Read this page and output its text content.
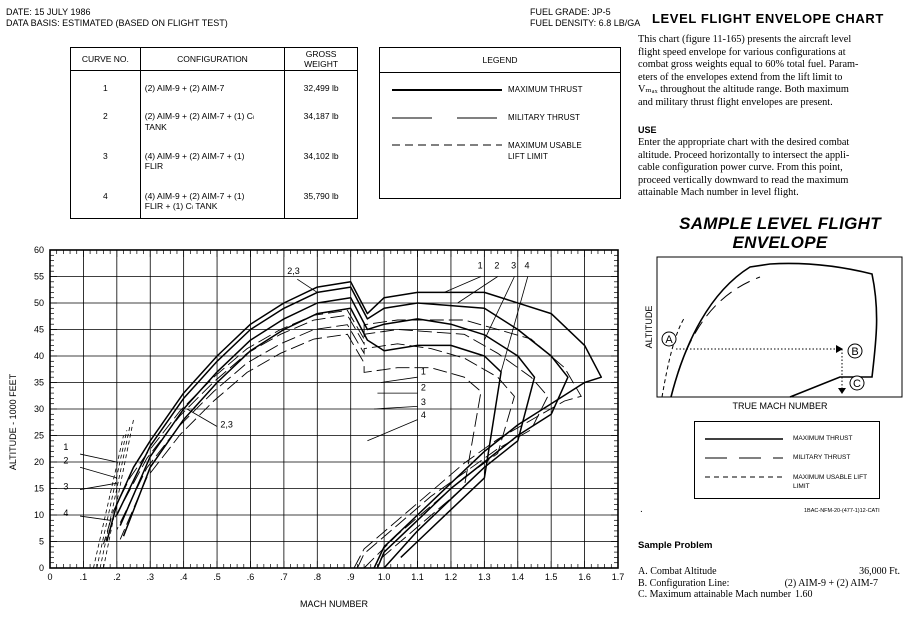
DATE: 15 JULY 1986
DATA BASIS: ESTIMATED (BASED ON FLIGHT TEST)
FUEL GRADE: JP-5
FUEL DENSITY: 6.8 LB/GA
CURVE NO.	CONFIGURATION	GROSS WEIGHT
1	(2) AIM-9 + (2) AIM-7	32,499 lb
2	(2) AIM-9 + (2) AIM-7 + (1) Cₗ TANK	34,187 lb
3	(4) AIM-9 + (2) AIM-7 + (1) FLIR	34,102 lb
4	(4) AIM-9 + (2) AIM-7 + (1) FLIR + (1) Cₗ TANK	35,790 lb
LEGEND
MAXIMUM THRUST
MILITARY THRUST
MAXIMUM USABLE LIFT LIMIT
0	.1	.2	.3	.4	.5	.6	.7	.8	.9	1.0 1.1 1.2 1.3 1.4 1.5 1.6 1.7
0
5
10
15
20
25
30
35
40
45
50
55
60
1 2 3 4
2,3
1
2
3
4
2,3
1
2
3
4
ALTITUDE - 1000 FEET
MACH NUMBER
LEVEL FLIGHT ENVELOPE CHART
This chart (figure 11-165) presents the aircraft level
flight speed envelope for various configurations at
combat gross weights equal to 60% total fuel. Param-
eters of the envelopes extend from the lift limit to
Vₘₐₓ throughout the altitude range. Both maximum
and military thrust flight envelopes are present.
USE
Enter the appropriate chart with the desired combat
altitude. Proceed horizontally to intersect the appli-
cable configuration power curve. From this point,
proceed vertically downward to read the maximum
attainable Mach number in level flight.
SAMPLE LEVEL FLIGHT
ENVELOPE
A
B
C
ALTITUDE
TRUE MACH NUMBER
MAXIMUM THRUST
MILITARY THRUST
MAXIMUM USABLE LIFT LIMIT
.	1BAC-NFM-20-(477-1)12-CATI
Sample Problem
A. Combat Altitude	36,000 Ft.
B. Configuration Line:	(2) AIM-9 + (2) AIM-7
C. Maximum attainable Mach number 1.60
